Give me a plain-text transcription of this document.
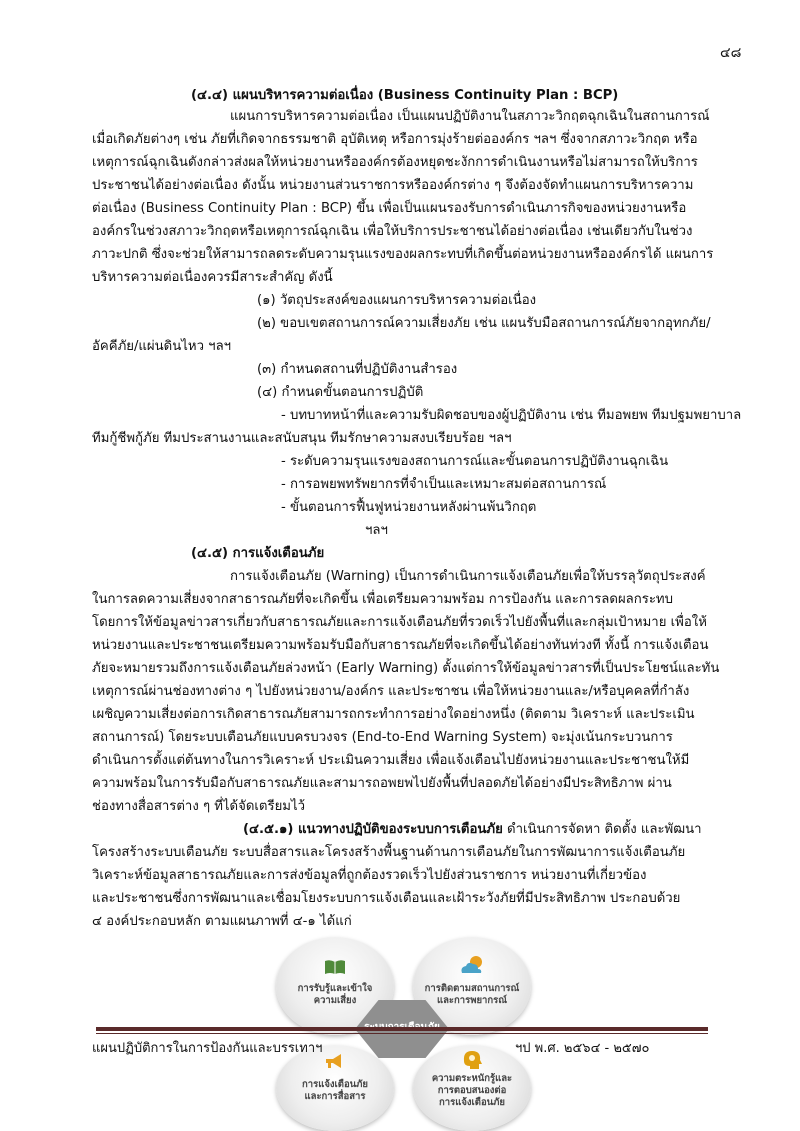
๔๘
(๔.๔) แผนบริหารความต่อเนื่อง (Business Continuity Plan : BCP)
แผนการบริหารความต่อเนื่อง เป็นแผนปฏิบัติงานในสภาวะวิกฤตฉุกเฉินในสถานการณ์
เมื่อเกิดภัยต่างๆ เช่น ภัยที่เกิดจากธรรมชาติ อุบัติเหตุ หรือการมุ่งร้ายต่อองค์กร ฯลฯ ซึ่งจากสภาวะวิกฤต หรือ
เหตุการณ์ฉุกเฉินดังกล่าวส่งผลให้หน่วยงานหรือองค์กรต้องหยุดชะงักการดำเนินงานหรือไม่สามารถให้บริการ
ประชาชนได้อย่างต่อเนื่อง ดังนั้น หน่วยงานส่วนราชการหรือองค์กรต่าง ๆ จึงต้องจัดทำแผนการบริหารความ
ต่อเนื่อง (Business Continuity Plan : BCP) ขึ้น เพื่อเป็นแผนรองรับการดำเนินภารกิจของหน่วยงานหรือ
องค์กรในช่วงสภาวะวิกฤตหรือเหตุการณ์ฉุกเฉิน เพื่อให้บริการประชาชนได้อย่างต่อเนื่อง เช่นเดียวกับในช่วง
ภาวะปกติ ซึ่งจะช่วยให้สามารถลดระดับความรุนแรงของผลกระทบที่เกิดขึ้นต่อหน่วยงานหรือองค์กรได้ แผนการ
บริหารความต่อเนื่องควรมีสาระสำคัญ ดังนี้
(๑) วัตถุประสงค์ของแผนการบริหารความต่อเนื่อง
(๒) ขอบเขตสถานการณ์ความเสี่ยงภัย เช่น แผนรับมือสถานการณ์ภัยจากอุทกภัย/
อัคคีภัย/แผ่นดินไหว ฯลฯ
(๓) กำหนดสถานที่ปฏิบัติงานสำรอง
(๔) กำหนดขั้นตอนการปฏิบัติ
- บทบาทหน้าที่และความรับผิดชอบของผู้ปฏิบัติงาน เช่น ทีมอพยพ ทีมปฐมพยาบาล
ทีมกู้ชีพกู้ภัย ทีมประสานงานและสนับสนุน ทีมรักษาความสงบเรียบร้อย ฯลฯ
- ระดับความรุนแรงของสถานการณ์และขั้นตอนการปฏิบัติงานฉุกเฉิน
- การอพยพทรัพยากรที่จำเป็นและเหมาะสมต่อสถานการณ์
- ขั้นตอนการฟื้นฟูหน่วยงานหลังผ่านพ้นวิกฤต
ฯลฯ
(๔.๕) การแจ้งเตือนภัย
การแจ้งเตือนภัย (Warning) เป็นการดำเนินการแจ้งเตือนภัยเพื่อให้บรรลุวัตถุประสงค์
ในการลดความเสี่ยงจากสาธารณภัยที่จะเกิดขึ้น เพื่อเตรียมความพร้อม การป้องกัน และการลดผลกระทบ
โดยการให้ข้อมูลข่าวสารเกี่ยวกับสาธารณภัยและการแจ้งเตือนภัยที่รวดเร็วไปยังพื้นที่และกลุ่มเป้าหมาย เพื่อให้
หน่วยงานและประชาชนเตรียมความพร้อมรับมือกับสาธารณภัยที่จะเกิดขึ้นได้อย่างทันท่วงที ทั้งนี้ การแจ้งเตือน
ภัยจะหมายรวมถึงการแจ้งเตือนภัยล่วงหน้า (Early Warning) ตั้งแต่การให้ข้อมูลข่าวสารที่เป็นประโยชน์และทัน
เหตุการณ์ผ่านช่องทางต่าง ๆ ไปยังหน่วยงาน/องค์กร และประชาชน เพื่อให้หน่วยงานและ/หรือบุคคลที่กำลัง
เผชิญความเสี่ยงต่อการเกิดสาธารณภัยสามารถกระทำการอย่างใดอย่างหนึ่ง (ติดตาม วิเคราะห์ และประเมิน
สถานการณ์) โดยระบบเตือนภัยแบบครบวงจร (End-to-End Warning System) จะมุ่งเน้นกระบวนการ
ดำเนินการตั้งแต่ต้นทางในการวิเคราะห์ ประเมินความเสี่ยง เพื่อแจ้งเตือนไปยังหน่วยงานและประชาชนให้มี
ความพร้อมในการรับมือกับสาธารณภัยและสามารถอพยพไปยังพื้นที่ปลอดภัยได้อย่างมีประสิทธิภาพ ผ่าน
ช่องทางสื่อสารต่าง ๆ ที่ได้จัดเตรียมไว้
(๔.๕.๑) แนวทางปฏิบัติของระบบการเตือนภัย ดำเนินการจัดหา ติดตั้ง และพัฒนา
โครงสร้างระบบเตือนภัย ระบบสื่อสารและโครงสร้างพื้นฐานด้านการเตือนภัยในการพัฒนาการแจ้งเตือนภัย
วิเคราะห์ข้อมูลสาธารณภัยและการส่งข้อมูลที่ถูกต้องรวดเร็วไปยังส่วนราชการ หน่วยงานที่เกี่ยวข้อง
และประชาชนซึ่งการพัฒนาและเชื่อมโยงระบบการแจ้งเตือนและเฝ้าระวังภัยที่มีประสิทธิภาพ ประกอบด้วย
๔ องค์ประกอบหลัก ตามแผนภาพที่ ๔-๑ ได้แก่
การรับรู้และเข้าใจ
ความเสี่ยง
การติดตามสถานการณ์
และการพยากรณ์
การแจ้งเตือนภัย
และการสื่อสาร
ความตระหนักรู้และ
การตอบสนองต่อ
การแจ้งเตือนภัย
แผนปฏิบัติการในการป้องกันและบรรเทาฯ	ฯป พ.ศ. ๒๕๖๔ - ๒๕๗๐
